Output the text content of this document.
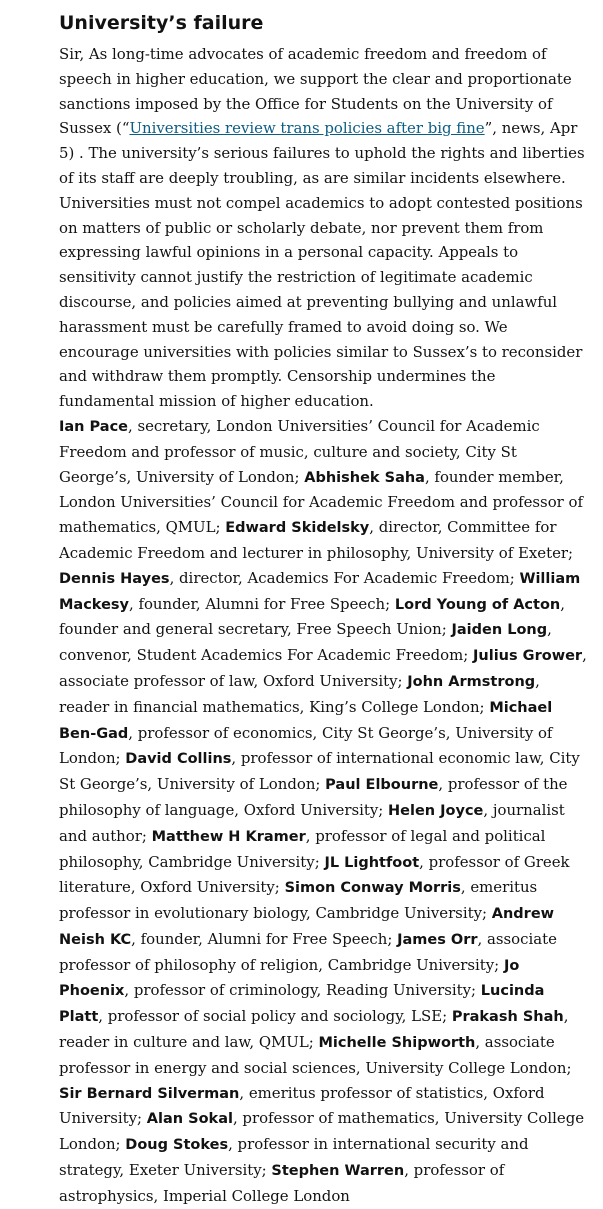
University’s failure

Sir, As long-time advocates of academic freedom and freedom of speech in higher education, we support the clear and proportionate sanctions imposed by the Office for Students on the University of Sussex (“Universities review trans policies after big fine”, news, Apr 5) . The university’s serious failures to uphold the rights and liberties of its staff are deeply troubling, as are similar incidents elsewhere. Universities must not compel academics to adopt contested positions on matters of public or scholarly debate, nor prevent them from expressing lawful opinions in a personal capacity. Appeals to sensitivity cannot justify the restriction of legitimate academic discourse, and policies aimed at preventing bullying and unlawful harassment must be carefully framed to avoid doing so. We encourage universities with policies similar to Sussex’s to reconsider and withdraw them promptly. Censorship undermines the fundamental mission of higher education.

Ian Pace, secretary, London Universities’ Council for Academic Freedom and professor of music, culture and society, City St George’s, University of London; Abhishek Saha, founder member, London Universities’ Council for Academic Freedom and professor of mathematics, QMUL; Edward Skidelsky, director, Committee for Academic Freedom and lecturer in philosophy, University of Exeter; Dennis Hayes, director, Academics For Academic Freedom; William Mackesy, founder, Alumni for Free Speech; Lord Young of Acton, founder and general secretary, Free Speech Union; Jaiden Long, convenor, Student Academics For Academic Freedom; Julius Grower, associate professor of law, Oxford University; John Armstrong, reader in financial mathematics, King’s College London; Michael Ben-Gad, professor of economics, City St George’s, University of London; David Collins, professor of international economic law, City St George’s, University of London; Paul Elbourne, professor of the philosophy of language, Oxford University; Helen Joyce, journalist and author; Matthew H Kramer, professor of legal and political philosophy, Cambridge University; JL Lightfoot, professor of Greek literature, Oxford University; Simon Conway Morris, emeritus professor in evolutionary biology, Cambridge University; Andrew Neish KC, founder, Alumni for Free Speech; James Orr, associate professor of philosophy of religion, Cambridge University; Jo Phoenix, professor of criminology, Reading University; Lucinda Platt, professor of social policy and sociology, LSE; Prakash Shah, reader in culture and law, QMUL; Michelle Shipworth, associate professor in energy and social sciences, University College London; Sir Bernard Silverman, emeritus professor of statistics, Oxford University; Alan Sokal, professor of mathematics, University College London; Doug Stokes, professor in international security and strategy, Exeter University; Stephen Warren, professor of astrophysics, Imperial College London
